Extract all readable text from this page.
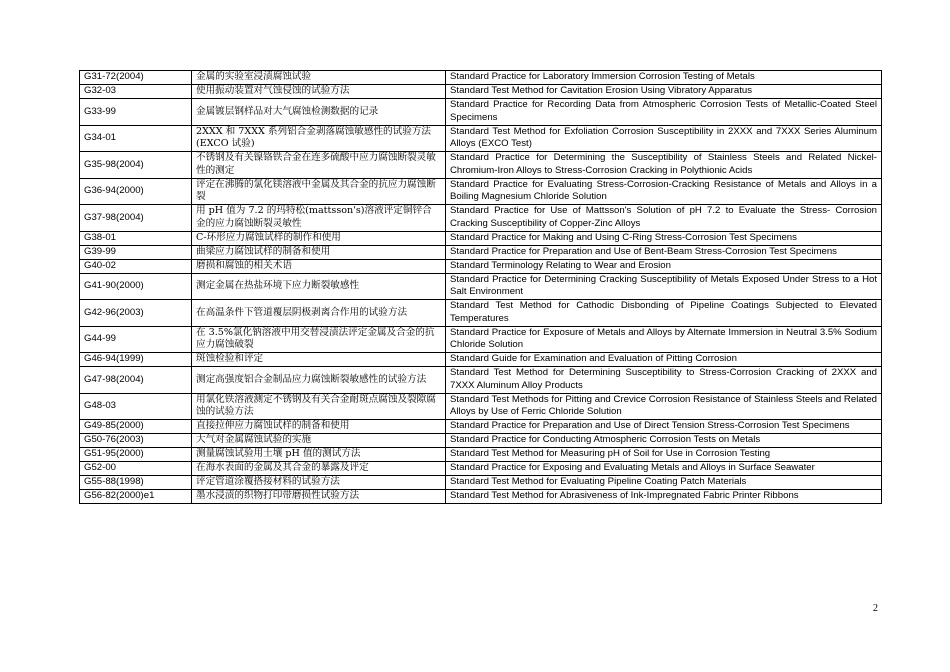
G31-72(2004)	金属的实验室浸渍腐蚀试验	Standard Practice for Laboratory Immersion Corrosion Testing of Metals
G32-03	使用振动装置对气蚀侵蚀的试验方法	Standard Test Method for Cavitation Erosion Using Vibratory Apparatus
G33-99	金属镀层钢样品对大气腐蚀检测数据的记录	Standard Practice for Recording Data from Atmospheric Corrosion Tests of Metallic-Coated Steel Specimens
G34-01	2XXX 和 7XXX 系列铝合金剥落腐蚀敏感性的试验方法(EXCO 试验)	Standard Test Method for Exfoliation Corrosion Susceptibility in 2XXX and 7XXX Series Aluminum Alloys (EXCO Test)
G35-98(2004)	不锈钢及有关镍铬铁合金在连多硫酸中应力腐蚀断裂灵敏性的测定	Standard Practice for Determining the Susceptibility of Stainless Steels and Related Nickel-Chromium-Iron Alloys to Stress-Corrosion Cracking in Polythionic Acids
G36-94(2000)	评定在沸腾的氯化镁溶液中金属及其合金的抗应力腐蚀断裂	Standard Practice for Evaluating Stress-Corrosion-Cracking Resistance of Metals and Alloys in a Boiling Magnesium Chloride Solution
G37-98(2004)	用 pH 值为 7.2 的玛特松(mattsson's)溶液评定铜锌合金的应力腐蚀断裂灵敏性	Standard Practice for Use of Mattsson's Solution of pH 7.2 to Evaluate the Stress- Corrosion Cracking Susceptibility of Copper-Zinc Alloys
G38-01	C-环形应力腐蚀试样的制作和使用	Standard Practice for Making and Using C-Ring Stress-Corrosion Test Specimens
G39-99	曲梁应力腐蚀试样的制备和使用	Standard Practice for Preparation and Use of Bent-Beam Stress-Corrosion Test Specimens
G40-02	磨损和腐蚀的相关术语	Standard Terminology Relating to Wear and Erosion
G41-90(2000)	测定金属在热盐环境下应力断裂敏感性	Standard Practice for Determining Cracking Susceptibility of Metals Exposed Under Stress to a Hot Salt Environment
G42-96(2003)	在高温条件下管道覆层阴极剥离合作用的试验方法	Standard Test Method for Cathodic Disbonding of Pipeline Coatings Subjected to Elevated Temperatures
G44-99	在 3.5%氯化钠溶液中用交替浸渍法评定金属及合金的抗应力腐蚀破裂	Standard Practice for Exposure of Metals and Alloys by Alternate Immersion in Neutral 3.5% Sodium Chloride Solution
G46-94(1999)	斑蚀检验和评定	Standard Guide for Examination and Evaluation of Pitting Corrosion
G47-98(2004)	测定高强度铝合金制品应力腐蚀断裂敏感性的试验方法	Standard Test Method for Determining Susceptibility to Stress-Corrosion Cracking of 2XXX and 7XXX Aluminum Alloy Products
G48-03	用氯化铁溶液测定不锈钢及有关合金耐斑点腐蚀及裂隙腐蚀的试验方法	Standard Test Methods for Pitting and Crevice Corrosion Resistance of Stainless Steels and Related Alloys by Use of Ferric Chloride Solution
G49-85(2000)	直接拉伸应力腐蚀试样的制备和使用	Standard Practice for Preparation and Use of Direct Tension Stress-Corrosion Test Specimens
G50-76(2003)	大气对金属腐蚀试验的实施	Standard Practice for Conducting Atmospheric Corrosion Tests on Metals
G51-95(2000)	测量腐蚀试验用土壤 pH 值的测试方法	Standard Test Method for Measuring pH of Soil for Use in Corrosion Testing
G52-00	在海水表面的金属及其合金的暴露及评定	Standard Practice for Exposing and Evaluating Metals and Alloys in Surface Seawater
G55-88(1998)	评定管道涂覆搭接材料的试验方法	Standard Test Method for Evaluating Pipeline Coating Patch Materials
G56-82(2000)e1	墨水浸渍的织物打印带磨损性试验方法	Standard Test Method for Abrasiveness of Ink-Impregnated Fabric Printer Ribbons
2
